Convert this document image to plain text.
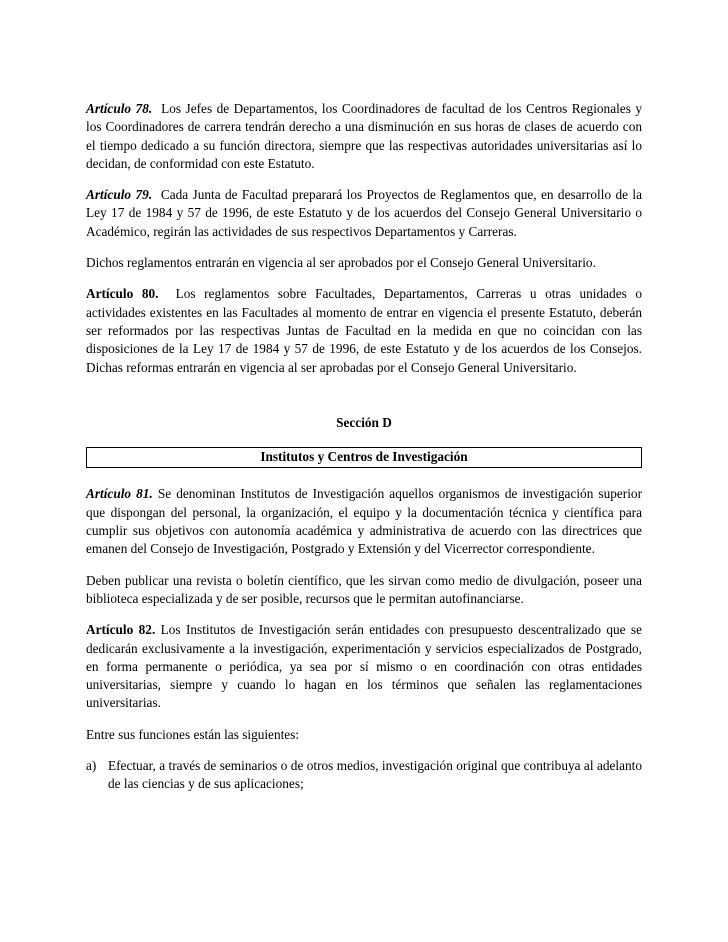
Artículo 78. Los Jefes de Departamentos, los Coordinadores de facultad de los Centros Regionales y los Coordinadores de carrera tendrán derecho a una disminución en sus horas de clases de acuerdo con el tiempo dedicado a su función directora, siempre que las respectivas autoridades universitarias así lo decidan, de conformidad con este Estatuto.

Artículo 79. Cada Junta de Facultad preparará los Proyectos de Reglamentos que, en desarrollo de la Ley 17 de 1984 y 57 de 1996, de este Estatuto y de los acuerdos del Consejo General Universitario o Académico, regirán las actividades de sus respectivos Departamentos y Carreras.

Dichos reglamentos entrarán en vigencia al ser aprobados por el Consejo General Universitario.

Artículo 80. Los reglamentos sobre Facultades, Departamentos, Carreras u otras unidades o actividades existentes en las Facultades al momento de entrar en vigencia el presente Estatuto, deberán ser reformados por las respectivas Juntas de Facultad en la medida en que no coincidan con las disposiciones de la Ley 17 de 1984 y 57 de 1996, de este Estatuto y de los acuerdos de los Consejos. Dichas reformas entrarán en vigencia al ser aprobadas por el Consejo General Universitario.

Sección D
Institutos y Centros de Investigación

Artículo 81. Se denominan Institutos de Investigación aquellos organismos de investigación superior que dispongan del personal, la organización, el equipo y la documentación técnica y científica para cumplir sus objetivos con autonomía académica y administrativa de acuerdo con las directrices que emanen del Consejo de Investigación, Postgrado y Extensión y del Vicerrector correspondiente.

Deben publicar una revista o boletín científico, que les sirvan como medio de divulgación, poseer una biblioteca especializada y de ser posible, recursos que le permitan autofinanciarse.

Artículo 82. Los Institutos de Investigación serán entidades con presupuesto descentralizado que se dedicarán exclusivamente a la investigación, experimentación y servicios especializados de Postgrado, en forma permanente o periódica, ya sea por sí mismo o en coordinación con otras entidades universitarias, siempre y cuando lo hagan en los términos que señalen las reglamentaciones universitarias.

Entre sus funciones están las siguientes:

a) Efectuar, a través de seminarios o de otros medios, investigación original que contribuya al adelanto de las ciencias y de sus aplicaciones;
